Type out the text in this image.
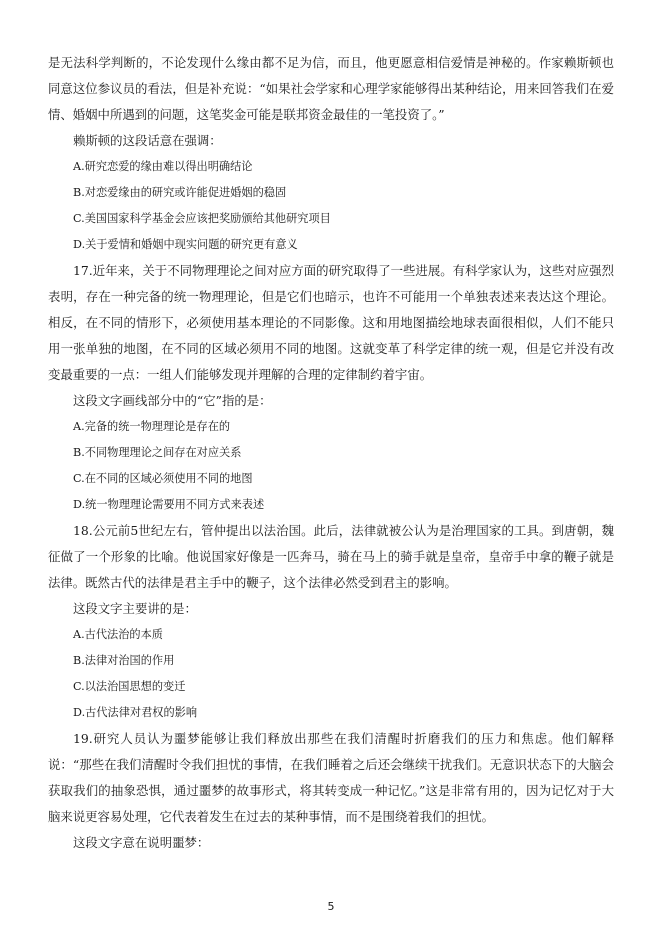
是无法科学判断的，不论发现什么缘由都不足为信，而且，他更愿意相信爱情是神秘的。作家赖斯顿也同意这位参议员的看法，但是补充说：“如果社会学家和心理学家能够得出某种结论，用来回答我们在爱情、婚姻中所遇到的问题，这笔奖金可能是联邦资金最佳的一笔投资了。”

赖斯顿的这段话意在强调：

A.研究恋爱的缘由难以得出明确结论

B.对恋爱缘由的研究或许能促进婚姻的稳固

C.美国国家科学基金会应该把奖励颁给其他研究项目

D.关于爱情和婚姻中现实问题的研究更有意义

17.近年来，关于不同物理理论之间对应方面的研究取得了一些进展。有科学家认为，这些对应强烈表明，存在一种完备的统一物理理论，但是它们也暗示，也许不可能用一个单独表述来表达这个理论。相反，在不同的情形下，必须使用基本理论的不同影像。这和用地图描绘地球表面很相似，人们不能只用一张单独的地图，在不同的区域必须用不同的地图。这就变革了科学定律的统一观，但是它并没有改变最重要的一点：一组人们能够发现并理解的合理的定律制约着宇宙。

这段文字画线部分中的“它”指的是：

A.完备的统一物理理论是存在的

B.不同物理理论之间存在对应关系

C.在不同的区域必须使用不同的地图

D.统一物理理论需要用不同方式来表述

18.公元前5世纪左右，管仲提出以法治国。此后，法律就被公认为是治理国家的工具。到唐朝，魏征做了一个形象的比喻。他说国家好像是一匹奔马，骑在马上的骑手就是皇帝，皇帝手中拿的鞭子就是法律。既然古代的法律是君主手中的鞭子，这个法律必然受到君主的影响。

这段文字主要讲的是：

A.古代法治的本质

B.法律对治国的作用

C.以法治国思想的变迁

D.古代法律对君权的影响

19.研究人员认为噩梦能够让我们释放出那些在我们清醒时折磨我们的压力和焦虑。他们解释说：“那些在我们清醒时令我们担忧的事情，在我们睡着之后还会继续干扰我们。无意识状态下的大脑会获取我们的抽象恐惧，通过噩梦的故事形式，将其转变成一种记忆。”这是非常有用的，因为记忆对于大脑来说更容易处理，它代表着发生在过去的某种事情，而不是围绕着我们的担忧。

这段文字意在说明噩梦：

5
